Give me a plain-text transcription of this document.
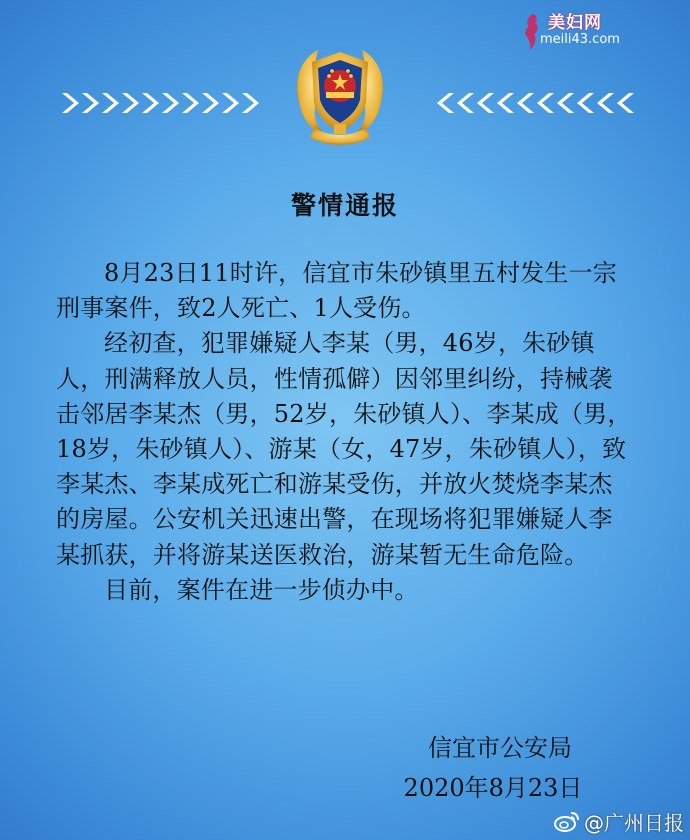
美妇网
meili43.com
警情通报

8月23日11时许，信宜市朱砂镇里五村发生一宗刑事案件，致2人死亡、1人受伤。

经初查，犯罪嫌疑人李某（男，46岁，朱砂镇人，刑满释放人员，性情孤僻）因邻里纠纷，持械袭击邻居李某杰（男，52岁，朱砂镇人）、李某成（男，18岁，朱砂镇人）、游某（女，47岁，朱砂镇人），致李某杰、李某成死亡和游某受伤，并放火焚烧李某杰的房屋。公安机关迅速出警，在现场将犯罪嫌疑人李某抓获，并将游某送医救治，游某暂无生命危险。

目前，案件在进一步侦办中。

信宜市公安局
2020年8月23日
@广州日报
